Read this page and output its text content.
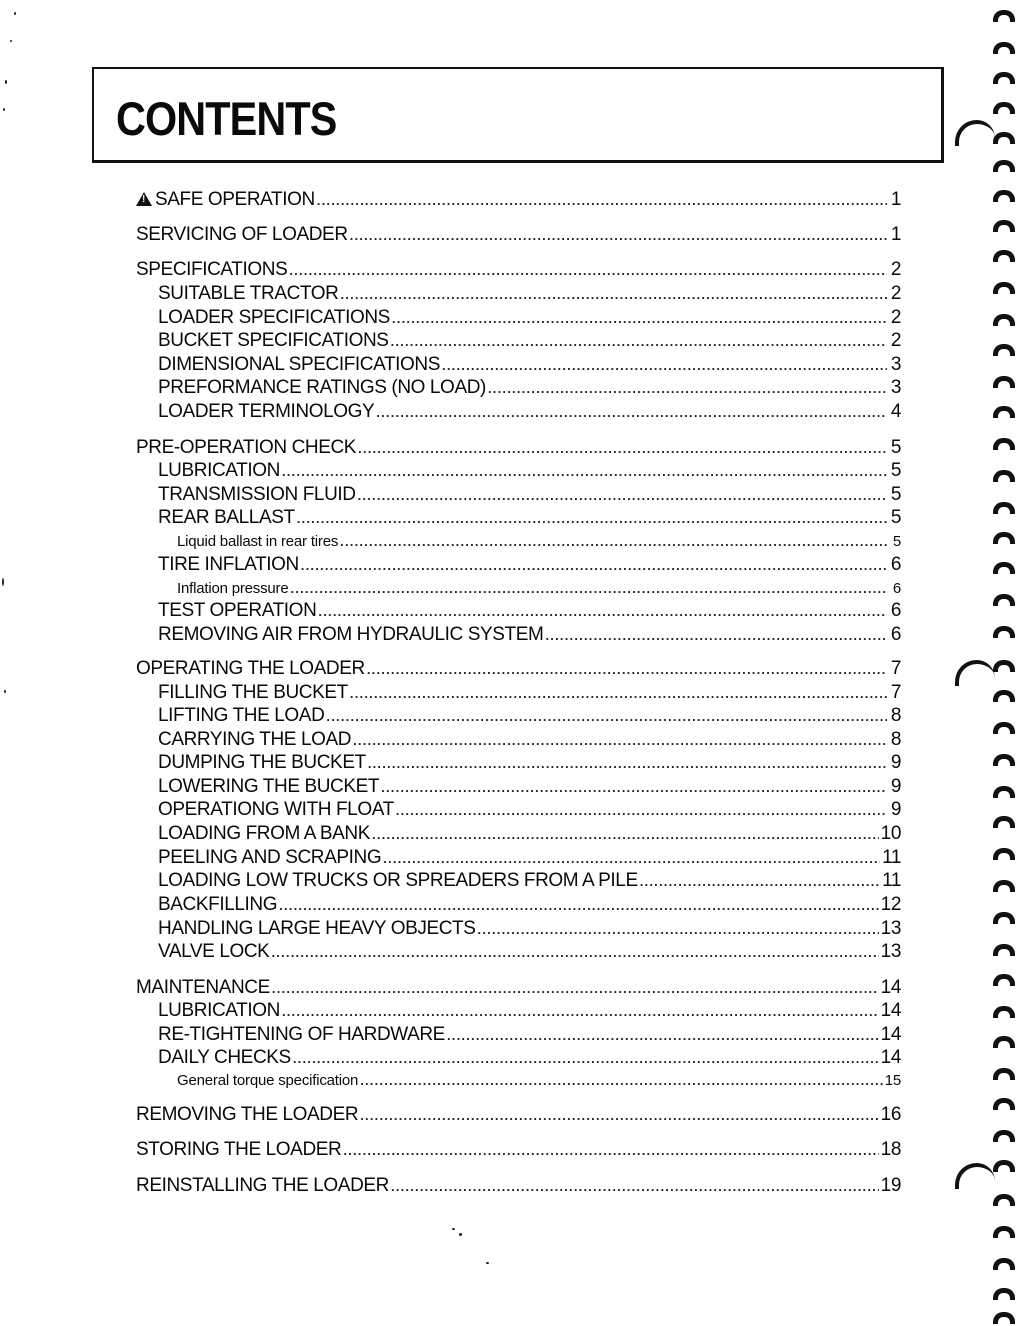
CONTENTS
!
SAFE OPERATION .....	1
SERVICING OF LOADER .....	1
SPECIFICATIONS .....	2
SUITABLE TRACTOR .....	2
LOADER SPECIFICATIONS .....	2
BUCKET SPECIFICATIONS .....	2
DIMENSIONAL SPECIFICATIONS .....	3
PREFORMANCE RATINGS (NO LOAD) .....	3
LOADER TERMINOLOGY .....	4
PRE-OPERATION CHECK .....	5
LUBRICATION .....	5
TRANSMISSION FLUID .....	5
REAR BALLAST .....	5
Liquid ballast in rear tires .....	5
TIRE INFLATION .....	6
Inflation pressure .....	6
TEST OPERATION .....	6
REMOVING AIR FROM HYDRAULIC SYSTEM .....	6
OPERATING THE LOADER .....	7
FILLING THE BUCKET .....	7
LIFTING THE LOAD .....	8
CARRYING THE LOAD .....	8
DUMPING THE BUCKET .....	9
LOWERING THE BUCKET .....	9
OPERATIONG WITH FLOAT .....	9
LOADING FROM A BANK .....	10
PEELING AND SCRAPING .....	11
LOADING LOW TRUCKS OR SPREADERS FROM A PILE .....	11
BACKFILLING .....	12
HANDLING LARGE HEAVY OBJECTS .....	13
VALVE LOCK .....	13
MAINTENANCE .....	14
LUBRICATION .....	14
RE-TIGHTENING OF HARDWARE .....	14
DAILY CHECKS .....	14
General torque specification .....	15
REMOVING THE LOADER .....	16
STORING THE LOADER .....	18
REINSTALLING THE LOADER .....	19
